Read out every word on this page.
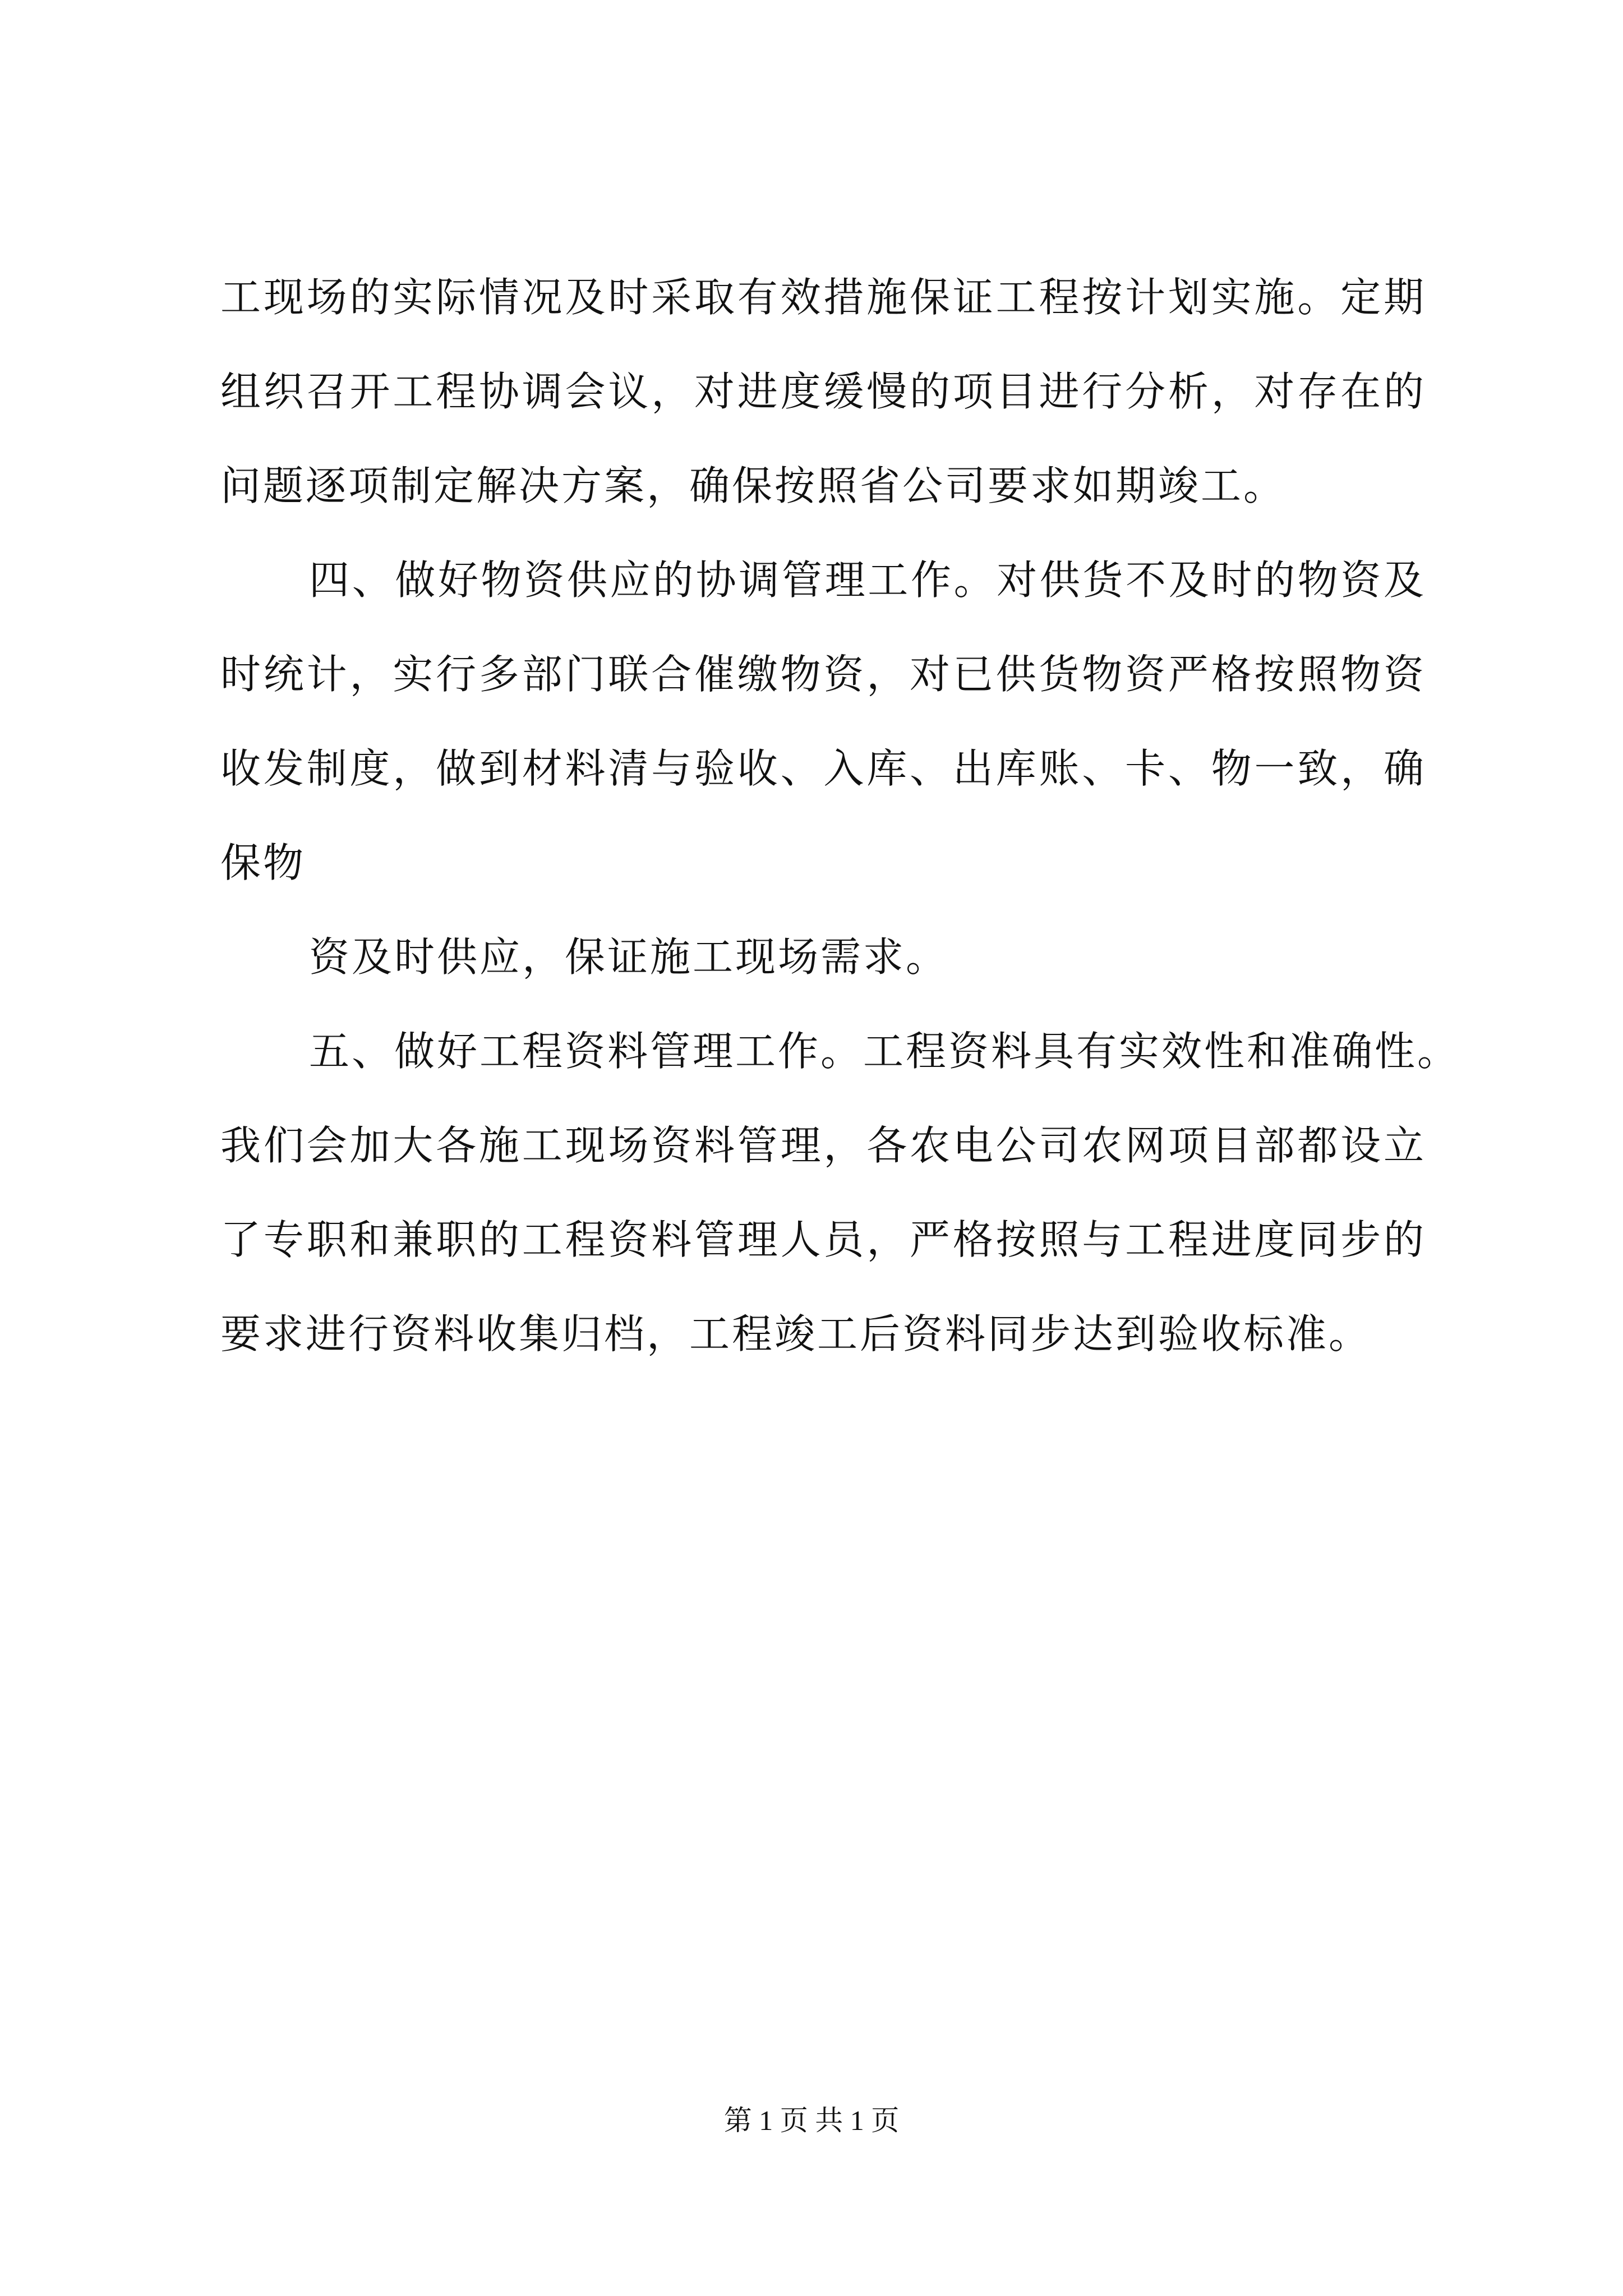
工现场的实际情况及时采取有效措施保证工程按计划实施。定期
组织召开工程协调会议，对进度缓慢的项目进行分析，对存在的
问题逐项制定解决方案，确保按照省公司要求如期竣工。
四、做好物资供应的协调管理工作。对供货不及时的物资及
时统计，实行多部门联合催缴物资，对已供货物资严格按照物资
收发制度，做到材料清与验收、入库、出库账、卡、物一致，确
保物
资及时供应，保证施工现场需求。
五、做好工程资料管理工作。工程资料具有实效性和准确性。
我们会加大各施工现场资料管理，各农电公司农网项目部都设立
了专职和兼职的工程资料管理人员，严格按照与工程进度同步的
要求进行资料收集归档，工程竣工后资料同步达到验收标准。
第 1 页 共 1 页
